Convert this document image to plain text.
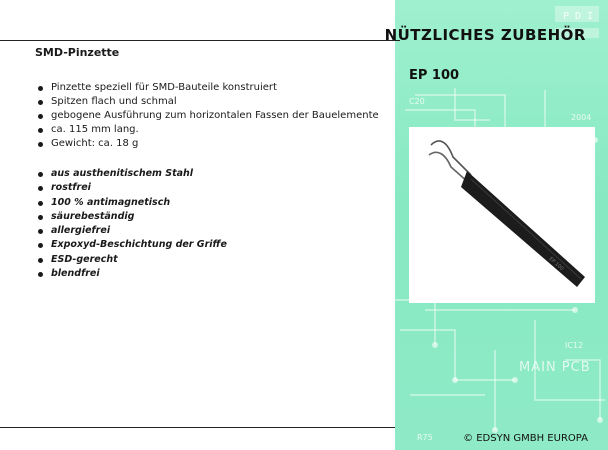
P D I
2004
IC12
C20
R75
MAIN PCB
NÜTZLICHES ZUBEHÖR
EP 100
EP 100
SMD-Pinzette
Pinzette speziell für SMD-Bauteile konstruiert
Spitzen flach und schmal
gebogene Ausführung zum horizontalen Fassen der Bauelemente
ca. 115 mm lang.
Gewicht: ca. 18 g
aus austhenitischem Stahl
rostfrei
100 % antimagnetisch
säurebeständig
allergiefrei
Expoxyd-Beschichtung der Griffe
ESD-gerecht
blendfrei
© EDSYN GMBH EUROPA
